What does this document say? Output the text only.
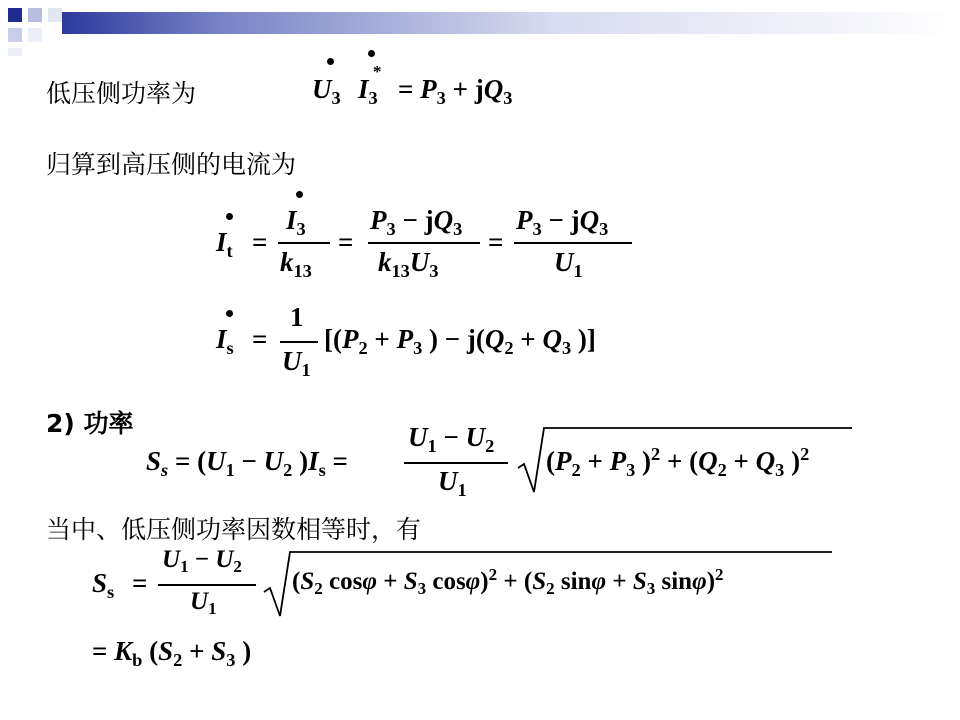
低压侧功率为	$U_3$ $I_3$
*
= $P_3 + jQ_3$
归算到高压侧的电流为
$I_t$ =
$I_3$
$k_{13}$
=
$P_3 - jQ_3$
$k_{13}U_3$
=
$P_3 - jQ_3$
$U_1$
$I_s$ =
1
$U_1$
[($P_2 + P_3$ ) − $j(Q_2 + Q_3$ )]
2) 功率
$S_s = (U_1 - U_2$ )$I_s$ =
$U_1 - U_2$
$U_1$
($P_2 + P_3$ )$^2 + (Q_2 + Q_3$ )$^2$
当中、低压侧功率因数相等时，有
$S_s$ =
$U_1 - U_2$
$U_1$
($S_2$ $\cos\varphi + S_3$ $\cos\varphi)^2 + (S_2$ $\sin\varphi + S_3$ sinφ)$^2$
= $K_b$ ($S_2 + S_3$ )
